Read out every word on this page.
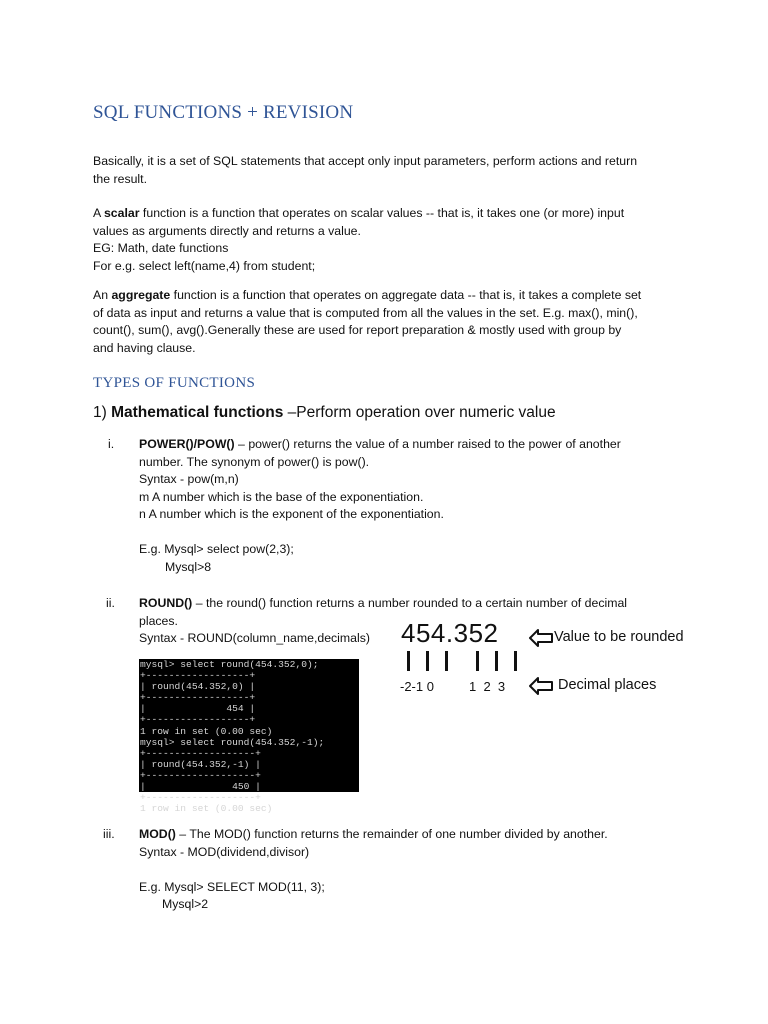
SQL FUNCTIONS + REVISION
Basically, it is a set of SQL statements that accept only input parameters, perform actions and return
the result.
A scalar function is a function that operates on scalar values -- that is, it takes one (or more) input
values as arguments directly and returns a value.
EG: Math, date functions
For e.g. select left(name,4) from student;
An aggregate function is a function that operates on aggregate data -- that is, it takes a complete set
of data as input and returns a value that is computed from all the values in the set. E.g. max(), min(),
count(), sum(), avg().Generally these are used for report preparation & mostly used with group by
and having clause.
TYPES OF FUNCTIONS
1) Mathematical functions –Perform operation over numeric value
i. POWER()/POW() – power() returns the value of a number raised to the power of another
number. The synonym of power() is pow().
Syntax - pow(m,n)
m A number which is the base of the exponentiation.
n A number which is the exponent of the exponentiation.
E.g. Mysql> select pow(2,3);
Mysql>8
ii. ROUND() – the round() function returns a number rounded to a certain number of decimal
places.
Syntax - ROUND(column_name,decimals)
mysql> select round(454.352,0);
+------------------+
| round(454.352,0) |
+------------------+
|              454 |
+------------------+
1 row in set (0.00 sec)
mysql> select round(454.352,-1);
+-------------------+
| round(454.352,-1) |
+-------------------+
|               450 |
+-------------------+
1 row in set (0.00 sec)
454.352	Value to be rounded
-2-1 0	1  2  3	Decimal places
iii. MOD() – The MOD() function returns the remainder of one number divided by another.
Syntax - MOD(dividend,divisor)
E.g. Mysql> SELECT MOD(11, 3);
Mysql>2
